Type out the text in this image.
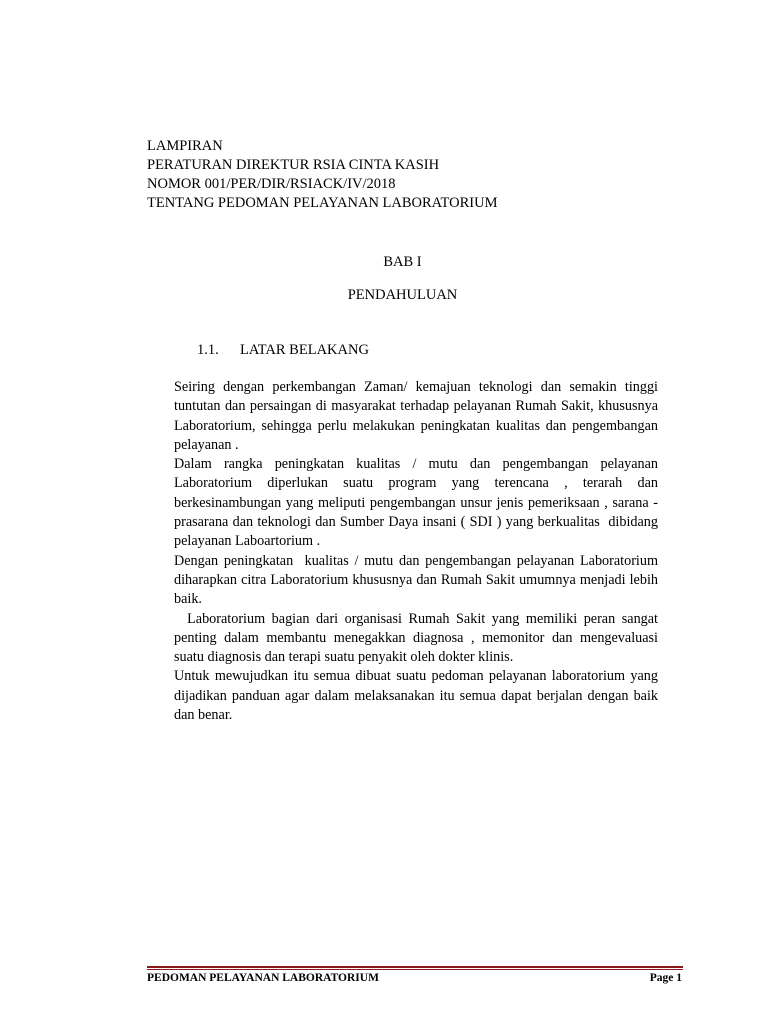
LAMPIRAN
PERATURAN DIREKTUR RSIA CINTA KASIH
NOMOR 001/PER/DIR/RSIACK/IV/2018
TENTANG PEDOMAN PELAYANAN LABORATORIUM
BAB I
PENDAHULUAN
1.1. LATAR BELAKANG

Seiring dengan perkembangan Zaman/ kemajuan teknologi dan semakin tinggi tuntutan dan persaingan di masyarakat terhadap pelayanan Rumah Sakit, khususnya  Laboratorium, sehingga perlu melakukan peningkatan kualitas dan pengembangan pelayanan .

Dalam rangka peningkatan kualitas / mutu dan pengembangan pelayanan Laboratorium diperlukan suatu program yang terencana , terarah dan berkesinambungan yang meliputi pengembangan unsur jenis pemeriksaan , sarana - prasarana dan teknologi dan Sumber Daya insani ( SDI ) yang berkualitas  dibidang pelayanan Laboartorium .

Dengan peningkatan  kualitas / mutu dan pengembangan pelayanan Laboratorium diharapkan citra Laboratorium khususnya dan Rumah Sakit umumnya menjadi lebih baik.

Laboratorium bagian dari organisasi Rumah Sakit yang memiliki peran sangat penting dalam membantu menegakkan diagnosa , memonitor dan mengevaluasi suatu diagnosis dan terapi suatu penyakit oleh dokter klinis.

Untuk mewujudkan itu semua dibuat suatu pedoman pelayanan laboratorium yang dijadikan panduan agar dalam melaksanakan itu semua dapat berjalan dengan baik dan benar.

PEDOMAN PELAYANAN LABORATORIUM	Page 1
